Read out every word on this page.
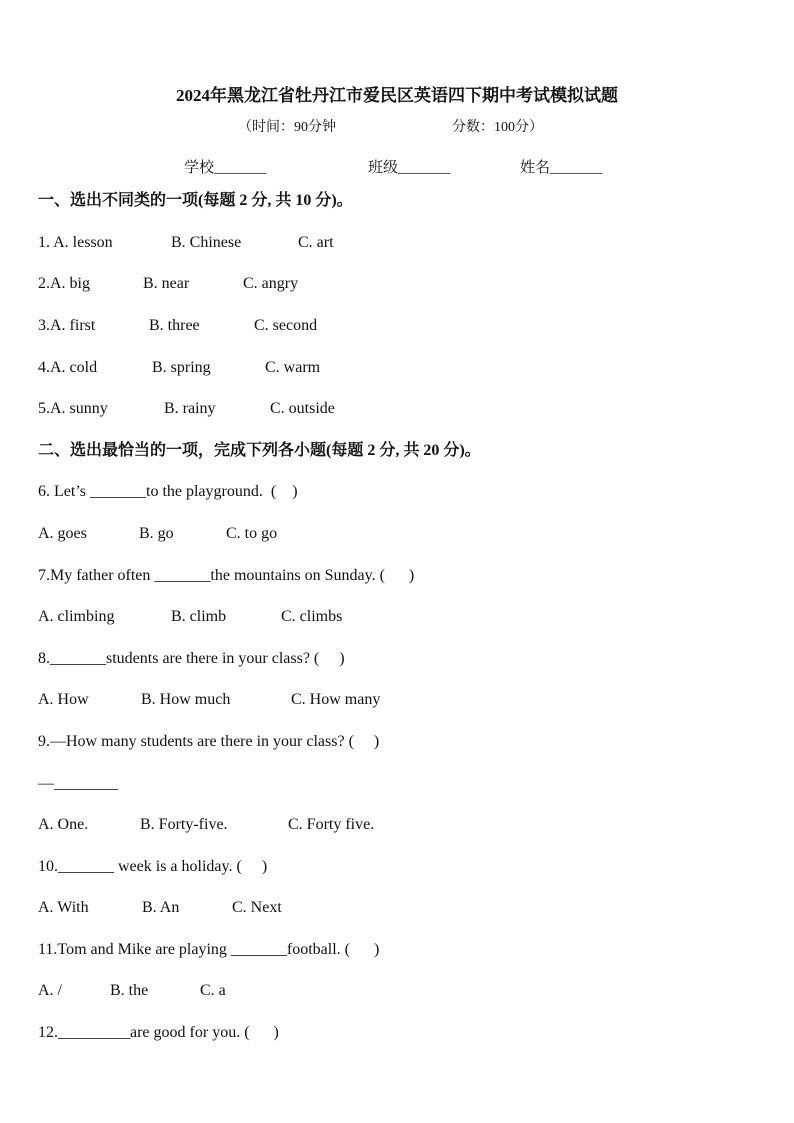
2024年黑龙江省牡丹江市爱民区英语四下期中考试模拟试题
（时间：90分钟	分数：100分）
学校_______	班级_______	姓名_______
一、选出不同类的一项(每题 2 分, 共 10 分)。
1. A. lesson	B. Chinese	C. art
2.A. big	B. near	C. angry
3.A. first	B. three	C. second
4.A. cold	B. spring	C. warm
5.A. sunny	B. rainy	C. outside
二、选出最恰当的一项，完成下列各小题(每题 2 分, 共 20 分)。
6. Let’s _______to the playground.  (    )
A. goes	B. go	C. to go
7.My father often _______the mountains on Sunday. (      )
A. climbing	B. climb	C. climbs
8._______students are there in your class? (     )
A. How	B. How much	C. How many
9.—How many students are there in your class? (     )
—________
A. One.	B. Forty-five.	C. Forty five.
10._______ week is a holiday. (     )
A. With	B. An	C. Next
11.Tom and Mike are playing _______football. (      )
A. /	B. the	C. a
12._________are good for you. (      )
